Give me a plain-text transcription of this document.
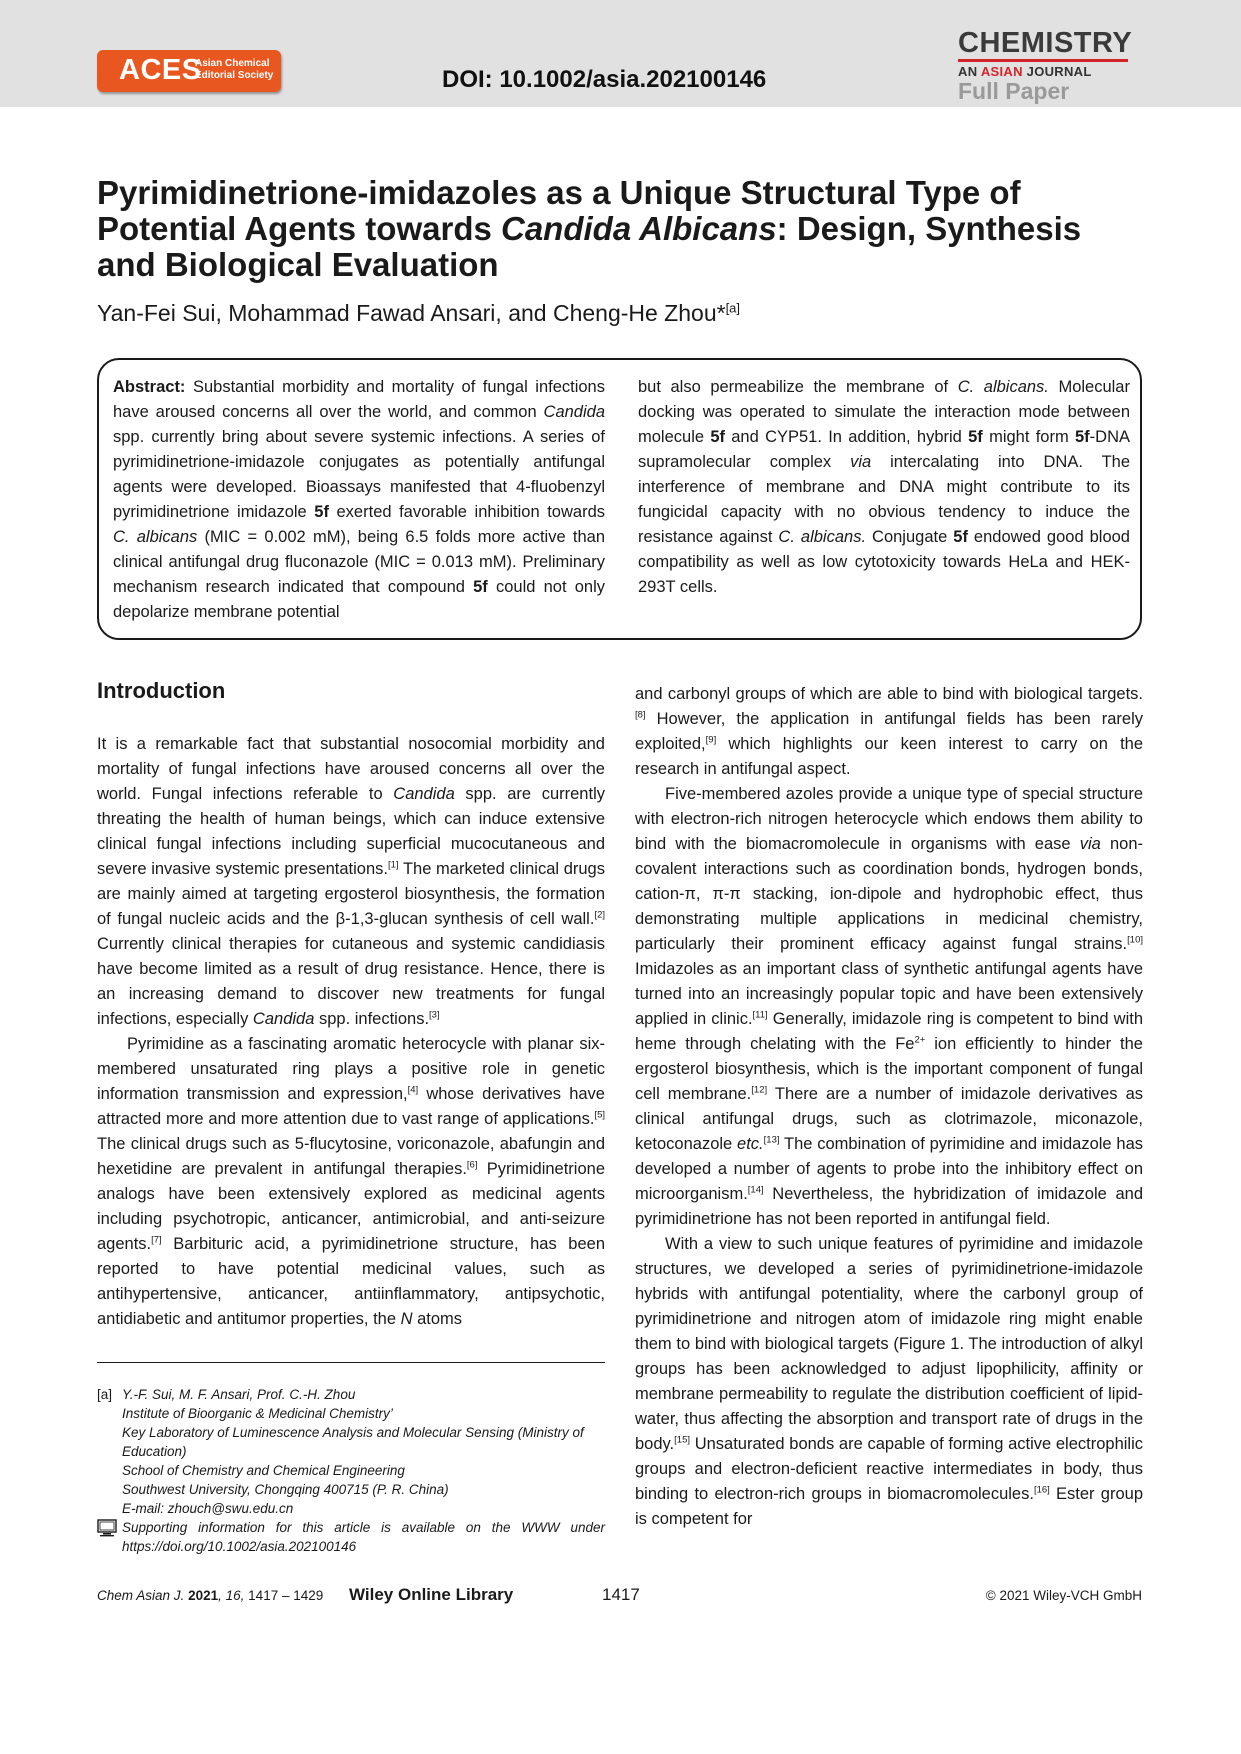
ACES
Asian Chemical Editorial Society	DOI: 10.1002/asia.202100146
CHEMISTRY
AN ASIAN JOURNAL
Full Paper
Pyrimidinetrione-imidazoles as a Unique Structural Type of Potential Agents towards Candida Albicans: Design, Synthesis and Biological Evaluation
Yan-Fei Sui, Mohammad Fawad Ansari, and Cheng-He Zhou*[a]

Abstract: Substantial morbidity and mortality of fungal infections have aroused concerns all over the world, and common Candida spp. currently bring about severe systemic infections. A series of pyrimidinetrione-imidazole conjugates as potentially antifungal agents were developed. Bioassays manifested that 4-fluobenzyl pyrimidinetrione imidazole 5f exerted favorable inhibition towards C. albicans (MIC = 0.002 mM), being 6.5 folds more active than clinical antifungal drug fluconazole (MIC = 0.013 mM). Preliminary mechanism research indicated that compound 5f could not only depolarize membrane potential

but also permeabilize the membrane of C. albicans. Molecular docking was operated to simulate the interaction mode between molecule 5f and CYP51. In addition, hybrid 5f might form 5f-DNA supramolecular complex via intercalating into DNA. The interference of membrane and DNA might contribute to its fungicidal capacity with no obvious tendency to induce the resistance against C. albicans. Conjugate 5f endowed good blood compatibility as well as low cytotoxicity towards HeLa and HEK-293T cells.

Introduction

It is a remarkable fact that substantial nosocomial morbidity and mortality of fungal infections have aroused concerns all over the world. Fungal infections referable to Candida spp. are currently threating the health of human beings, which can induce extensive clinical fungal infections including superficial mucocutaneous and severe invasive systemic presentations.[1] The marketed clinical drugs are mainly aimed at targeting ergosterol biosynthesis, the formation of fungal nucleic acids and the β-1,3-glucan synthesis of cell wall.[2] Currently clinical therapies for cutaneous and systemic candidiasis have become limited as a result of drug resistance. Hence, there is an increasing demand to discover new treatments for fungal infections, especially Candida spp. infections.[3]

Pyrimidine as a fascinating aromatic heterocycle with planar six-membered unsaturated ring plays a positive role in genetic information transmission and expression,[4] whose derivatives have attracted more and more attention due to vast range of applications.[5] The clinical drugs such as 5-flucytosine, voriconazole, abafungin and hexetidine are prevalent in antifungal therapies.[6] Pyrimidinetrione analogs have been extensively explored as medicinal agents including psychotropic, anticancer, antimicrobial, and anti-seizure agents.[7] Barbituric acid, a pyrimidinetrione structure, has been reported to have potential medicinal values, such as antihypertensive, anticancer, antiinflammatory, antipsychotic, antidiabetic and antitumor properties, the N atoms

and carbonyl groups of which are able to bind with biological targets.[8] However, the application in antifungal fields has been rarely exploited,[9] which highlights our keen interest to carry on the research in antifungal aspect.

Five-membered azoles provide a unique type of special structure with electron-rich nitrogen heterocycle which endows them ability to bind with the biomacromolecule in organisms with ease via non-covalent interactions such as coordination bonds, hydrogen bonds, cation-π, π-π stacking, ion-dipole and hydrophobic effect, thus demonstrating multiple applications in medicinal chemistry, particularly their prominent efficacy against fungal strains.[10] Imidazoles as an important class of synthetic antifungal agents have turned into an increasingly popular topic and have been extensively applied in clinic.[11] Generally, imidazole ring is competent to bind with heme through chelating with the Fe$^{2+}$ ion efficiently to hinder the ergosterol biosynthesis, which is the important component of fungal cell membrane.[12] There are a number of imidazole derivatives as clinical antifungal drugs, such as clotrimazole, miconazole, ketoconazole etc.[13] The combination of pyrimidine and imidazole has developed a number of agents to probe into the inhibitory effect on microorganism.[14] Nevertheless, the hybridization of imidazole and pyrimidinetrione has not been reported in antifungal field.

With a view to such unique features of pyrimidine and imidazole structures, we developed a series of pyrimidinetrione-imidazole hybrids with antifungal potentiality, where the carbonyl group of pyrimidinetrione and nitrogen atom of imidazole ring might enable them to bind with biological targets (Figure 1. The introduction of alkyl groups has been acknowledged to adjust lipophilicity, affinity or membrane permeability to regulate the distribution coefficient of lipid-water, thus affecting the absorption and transport rate of drugs in the body.[15] Unsaturated bonds are capable of forming active electrophilic groups and electron-deficient reactive intermediates in body, thus binding to electron-rich groups in biomacromolecules.[16] Ester group is competent for

[a] Y.-F. Sui, M. F. Ansari, Prof. C.-H. Zhou
Institute of Bioorganic & Medicinal Chemistry’
Key Laboratory of Luminescence Analysis and Molecular Sensing (Ministry of Education)
School of Chemistry and Chemical Engineering
Southwest University, Chongqing 400715 (P. R. China)
E-mail: zhouch@swu.edu.cn
Supporting information for this article is available on the WWW under https://doi.org/10.1002/asia.202100146
Chem Asian J. 2021, 16, 1417 – 1429 Wiley Online Library	1417	© 2021 Wiley-VCH GmbH
